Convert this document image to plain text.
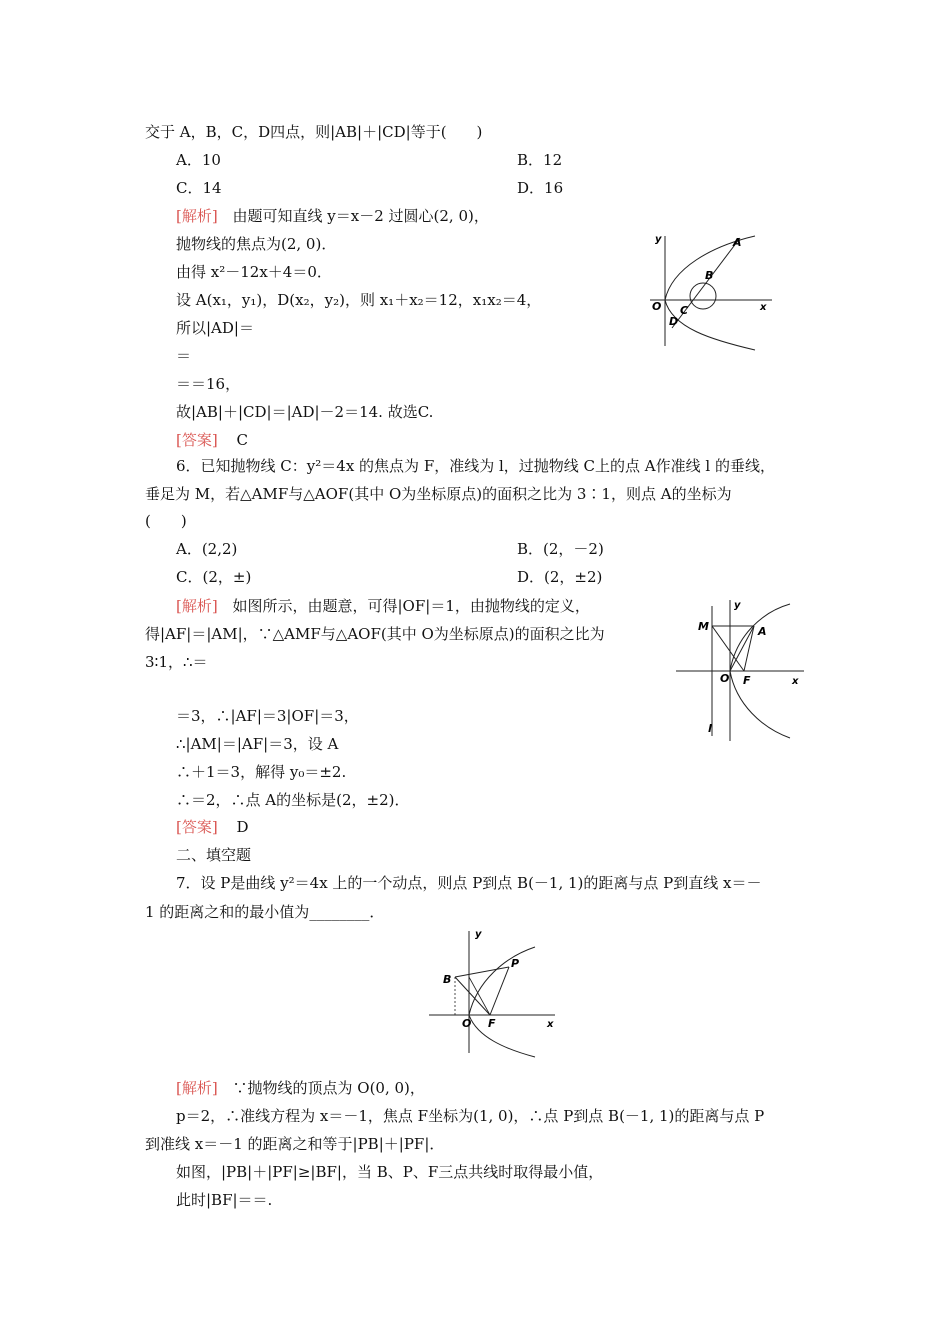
交于 A，B，C，D四点，则|AB|＋|CD|等于(　　)
A．10	B．12
C．14	D．16
[解析] 由题可知直线 y＝x－2 过圆心(2, 0)，
抛物线的焦点为(2, 0)．
由得 x²－12x＋4＝0．
设 A(x₁，y₁)，D(x₂，y₂)，则 x₁＋x₂＝12，x₁x₂＝4，
所以|AD|＝
＝
＝＝16，
故|AB|＋|CD|＝|AD|－2＝14. 故选C.
[答案] C
y
x
O
A
B
C
D
6．已知抛物线 C：y²＝4x 的焦点为 F，准线为 l，过抛物线 C上的点 A作准线 l 的垂线，
垂足为 M，若△AMF与△AOF(其中 O为坐标原点)的面积之比为 3∶1，则点 A的坐标为
(　　)
A．(2,2)	B．(2，－2)
C．(2，±)	D．(2，±2)
[解析] 如图所示，由题意，可得|OF|＝1，由抛物线的定义，
得|AF|＝|AM|，∵△AMF与△AOF(其中 O为坐标原点)的面积之比为
3∶1，∴＝
＝3，∴|AF|＝3|OF|＝3，
∴|AM|＝|AF|＝3，设 A
∴＋1＝3，解得 y₀＝±2.
∴＝2，∴点 A的坐标是(2，±2)．
[答案] D
y
x
O
A
M
F
l
二、填空题
7．设 P是曲线 y²＝4x 上的一个动点，则点 P到点 B(－1, 1)的距离与点 P到直线 x＝－
1 的距离之和的最小值为________．
y
x
O
B
P
F
[解析] ∵抛物线的顶点为 O(0, 0)，
p＝2，∴准线方程为 x＝－1，焦点 F坐标为(1, 0)，∴点 P到点 B(－1, 1)的距离与点 P
到准线 x＝－1 的距离之和等于|PB|＋|PF|．
如图，|PB|＋|PF|≥|BF|，当 B、P、F三点共线时取得最小值，
此时|BF|＝＝.
